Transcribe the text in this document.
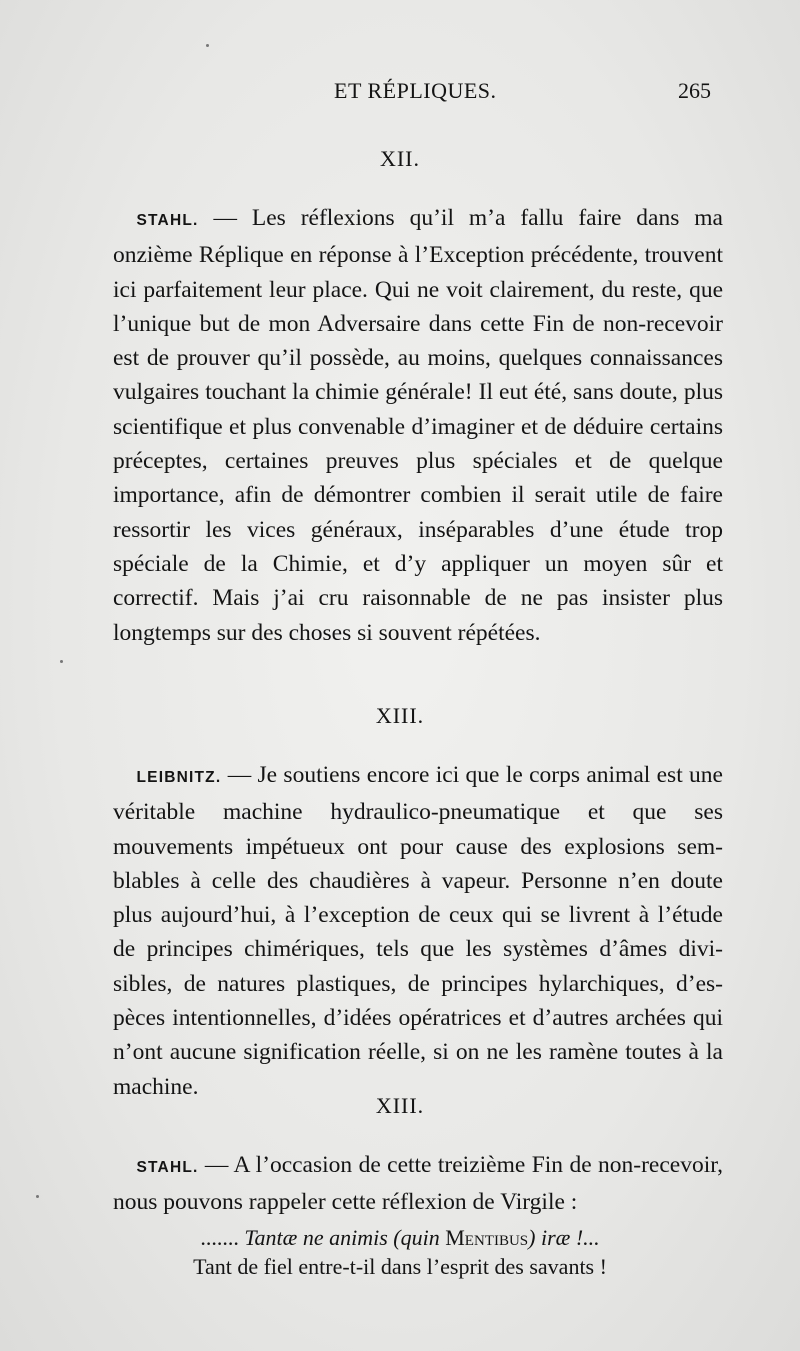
ET RÉPLIQUES.	265
XII.
 STAHL. — Les réflexions qu’il m’a fallu faire dans ma onzième Réplique en réponse à l’Exception précédente, trouvent ici parfaitement leur place. Qui ne voit clairement, du reste, que l’unique but de mon Adversaire dans cette Fin de non-recevoir est de prouver qu’il possède, au moins, quelques connaissances vulgaires touchant la chimie générale! Il eut été, sans doute, plus scientifique et plus convenable d’imaginer et de déduire certains préceptes, certaines preuves plus spéciales et de quelque importance, afin de démontrer combien il serait utile de faire ressortir les vices généraux, inséparables d’une étude trop spéciale de la Chimie, et d’y appliquer un moyen sûr et correctif. Mais j’ai cru raisonnable de ne pas insister plus longtemps sur des choses si souvent répétées.
XIII.
 LEIBNITZ. — Je soutiens encore ici que le corps animal est une véritable machine hydraulico-pneumatique et que ses mouvements impétueux ont pour cause des explosions semblables à celle des chaudières à vapeur. Personne n’en doute plus aujourd’hui, à l’exception de ceux qui se livrent à l’étude de principes chimériques, tels que les systèmes d’âmes divisibles, de natures plastiques, de principes hylarchiques, d’espèces intentionnelles, d’idées opératrices et d’autres archées qui n’ont aucune signification réelle, si on ne les ramène toutes à la machine.
XIII.
 STAHL. — A l’occasion de cette treizième Fin de non-recevoir, nous pouvons rappeler cette réflexion de Virgile :
....... Tantæ ne animis (quin Mentibus) iræ !...
Tant de fiel entre-t-il dans l’esprit des savants !
